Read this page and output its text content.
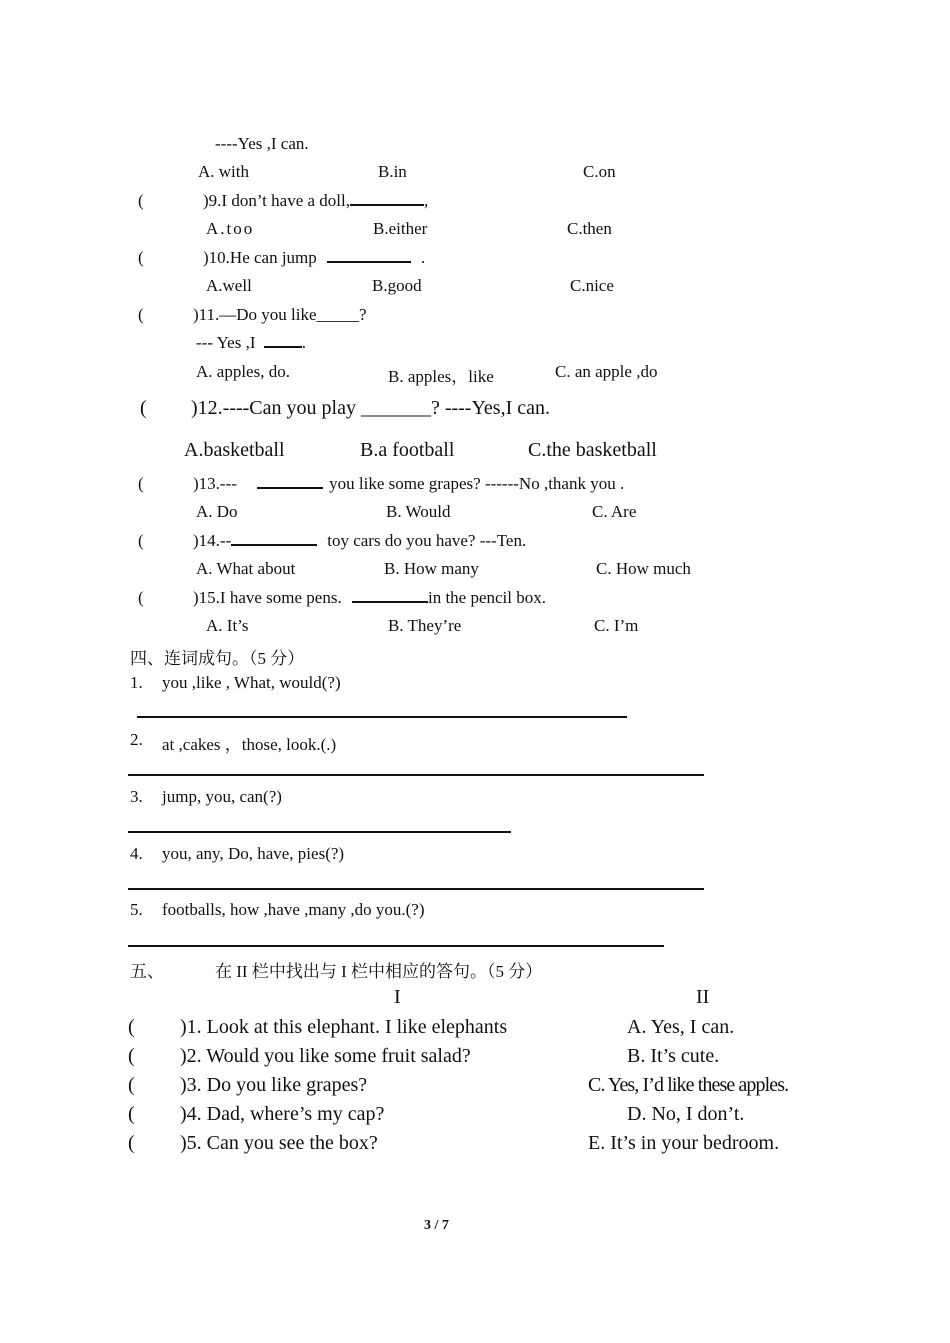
----Yes ,I can.
A. with	B.in	C.on
(	)9.I don’t have a doll,	,
A.too	B.either	C.then
(	)10.He can jump	.
A.well	B.good	C.nice
(	)11.—Do you like_____?
--- Yes ,I	.
A. apples, do.	B. apples，like	C. an apple ,do
( )12.----Can you play _______? ----Yes,I can.
A.basketball	B.a football	C.the basketball
(	)13.---	you like some grapes? ------No ,thank you .
A. Do	B. Would	C. Are
(	)14.--	toy cars do you have? ---Ten.
A. What about	B. How many	C. How much
(	)15.I have some pens.	in the pencil box.
A. It’s	B. They’re	C. I’m
四、连词成句。（5 分）
1. you ,like , What, would(?)
2. at ,cakes ，those, look.(.)
3. jump, you, can(?)
4. you, any, Do, have, pies(?)
5. footballs, how ,have ,many ,do you.(?)
五、	在 II 栏中找出与 I 栏中相应的答句。（5 分）
I	II
( )1. Look at this elephant. I like elephants	A. Yes, I can.
( )2. Would you like some fruit salad?	B. It’s cute.
( )3. Do you like grapes?	C. Yes, I’d like these apples.
( )4. Dad, where’s my cap?	D. No, I don’t.
( )5. Can you see the box?	E. It’s in your bedroom.
3 / 7
